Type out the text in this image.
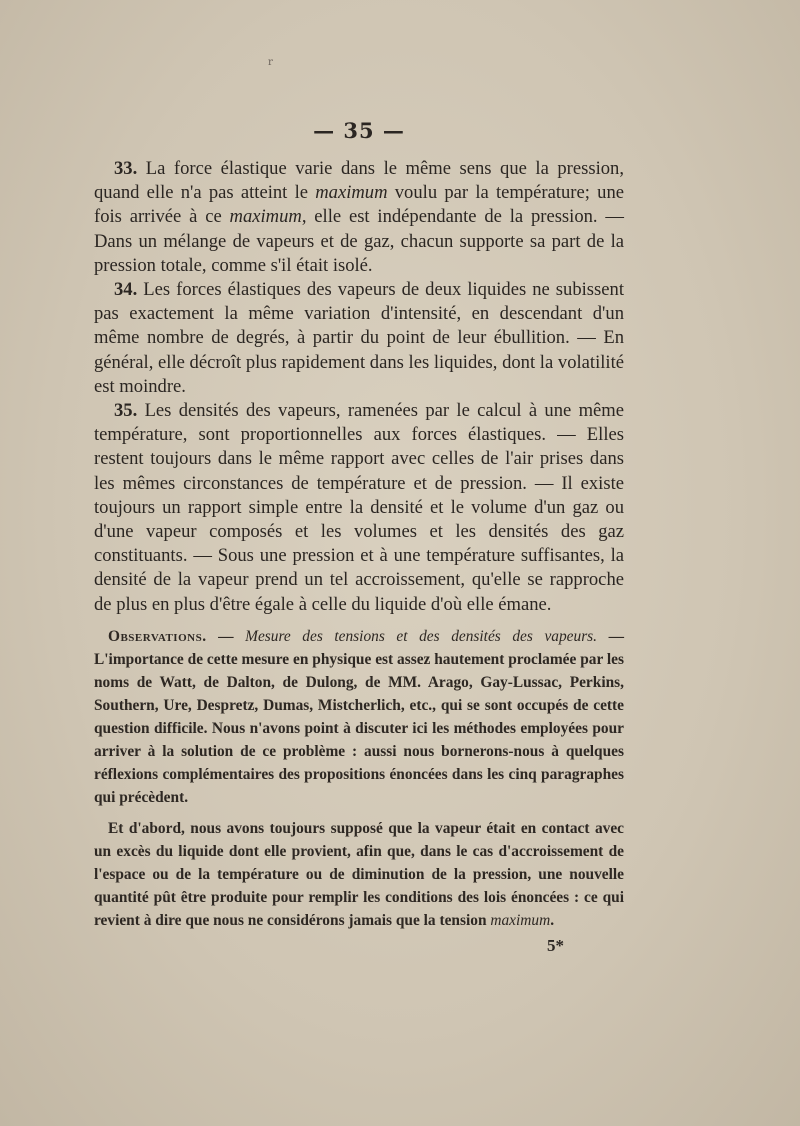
r
— 35 —

33. La force élastique varie dans le même sens que la pression, quand elle n'a pas atteint le maximum voulu par la température; une fois arrivée à ce maximum, elle est indépendante de la pression. — Dans un mélange de vapeurs et de gaz, chacun supporte sa part de la pression totale, comme s'il était isolé.

34. Les forces élastiques des vapeurs de deux liquides ne subissent pas exactement la même variation d'intensité, en descendant d'un même nombre de degrés, à partir du point de leur ébullition. — En général, elle décroît plus rapidement dans les liquides, dont la volatilité est moindre.

35. Les densités des vapeurs, ramenées par le calcul à une même température, sont proportionnelles aux forces élastiques. — Elles restent toujours dans le même rapport avec celles de l'air prises dans les mêmes circonstances de température et de pression. — Il existe toujours un rapport simple entre la densité et le volume d'un gaz ou d'une vapeur composés et les volumes et les densités des gaz constituants. — Sous une pression et à une température suffisantes, la densité de la vapeur prend un tel accroissement, qu'elle se rapproche de plus en plus d'être égale à celle du liquide d'où elle émane.

Observations. — Mesure des tensions et des densités des vapeurs. — L'importance de cette mesure en physique est assez hautement proclamée par les noms de Watt, de Dalton, de Dulong, de MM. Arago, Gay-Lussac, Perkins, Southern, Ure, Despretz, Dumas, Mistcherlich, etc., qui se sont occupés de cette question difficile. Nous n'avons point à discuter ici les méthodes employées pour arriver à la solution de ce problème : aussi nous bornerons-nous à quelques réflexions complémentaires des propositions énoncées dans les cinq paragraphes qui précèdent.

Et d'abord, nous avons toujours supposé que la vapeur était en contact avec un excès du liquide dont elle provient, afin que, dans le cas d'accroissement de l'espace ou de la température ou de diminution de la pression, une nouvelle quantité pût être produite pour remplir les conditions des lois énoncées : ce qui revient à dire que nous ne considérons jamais que la tension maximum.

5*
